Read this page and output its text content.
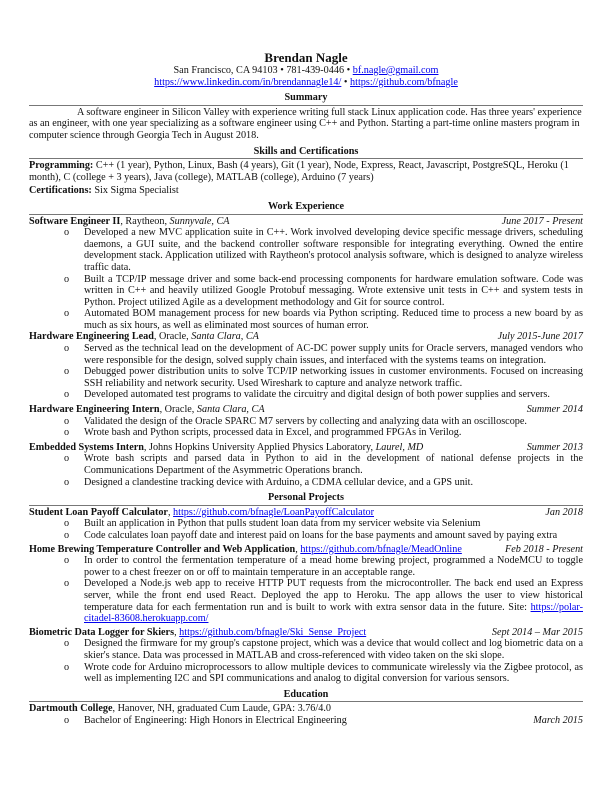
Brendan Nagle
San Francisco, CA 94103 • 781-439-0446 • bf.nagle@gmail.com
https://www.linkedin.com/in/brendannagle14/ • https://github.com/bfnagle
Summary
A software engineer in Silicon Valley with experience writing full stack Linux application code. Has three years' experience as an engineer, with one year specializing as a software engineer using C++ and Python. Starting a part-time online masters program in computer science through Georgia Tech in August 2018.
Skills and Certifications
Programming: C++ (1 year), Python, Linux, Bash (4 years), Git (1 year), Node, Express, React, Javascript, PostgreSQL, Heroku (1 month), C (college + 3 years), Java (college), MATLAB (college), Arduino (7 years)
Certifications: Six Sigma Specialist
Work Experience
Software Engineer II, Raytheon, Sunnyvale, CA	June 2017 - Present
o Developed a new MVC application suite in C++. Work involved developing device specific message drivers, scheduling daemons, a GUI suite, and the backend controller software responsible for integrating everything. Owned the entire development stack. Application utilized with Raytheon's protocol analysis software, which is designed to analyze wireless traffic data.
o Built a TCP/IP message driver and some back-end processing components for hardware emulation software. Code was written in C++ and heavily utilized Google Protobuf messaging. Wrote extensive unit tests in C++ and system tests in Python. Project utilized Agile as a development methodology and Git for source control.
o Automated BOM management process for new boards via Python scripting. Reduced time to process a new board by as much as six hours, as well as eliminated most sources of human error.
Hardware Engineering Lead, Oracle, Santa Clara, CA	July 2015-June 2017
o Served as the technical lead on the development of AC-DC power supply units for Oracle servers, managed vendors who were responsible for the design, solved supply chain issues, and interfaced with the systems teams on integration.
o Debugged power distribution units to solve TCP/IP networking issues in customer environments. Focused on increasing SSH reliability and network security. Used Wireshark to capture and analyze network traffic.
o Developed automated test programs to validate the circuitry and digital design of both power supplies and servers.
Hardware Engineering Intern, Oracle, Santa Clara, CA	Summer 2014
o Validated the design of the Oracle SPARC M7 servers by collecting and analyzing data with an oscilloscope.
o Wrote bash and Python scripts, processed data in Excel, and programmed FPGAs in Verilog.
Embedded Systems Intern, Johns Hopkins University Applied Physics Laboratory, Laurel, MD	Summer 2013
o Wrote bash scripts and parsed data in Python to aid in the development of national defense projects in the Communications Department of the Asymmetric Operations branch.
o Designed a clandestine tracking device with Arduino, a CDMA cellular device, and a GPS unit.
Personal Projects
Student Loan Payoff Calculator, https://github.com/bfnagle/LoanPayoffCalculator	Jan 2018
o Built an application in Python that pulls student loan data from my servicer website via Selenium
o Code calculates loan payoff date and interest paid on loans for the base payments and amount saved by paying extra
Home Brewing Temperature Controller and Web Application, https://github.com/bfnagle/MeadOnline	Feb 2018 - Present
o In order to control the fermentation temperature of a mead home brewing project, programmed a NodeMCU to toggle power to a chest freezer on or off to maintain temperature in an acceptable range.
o Developed a Node.js web app to receive HTTP PUT requests from the microcontroller. The back end used an Express server, while the front end used React. Deployed the app to Heroku. The app allows the user to view historical temperature data for each fermentation run and is built to work with extra sensor data in the future. Site: https://polar-citadel-83608.herokuapp.com/
Biometric Data Logger for Skiers, https://github.com/bfnagle/Ski_Sense_Project	Sept 2014 – Mar 2015
o Designed the firmware for my group's capstone project, which was a device that would collect and log biometric data on a skier's stance. Data was processed in MATLAB and cross-referenced with video taken on the ski slope.
o Wrote code for Arduino microprocessors to allow multiple devices to communicate wirelessly via the Zigbee protocol, as well as implementing I2C and SPI communications and analog to digital conversion for various sensors.
Education
Dartmouth College, Hanover, NH, graduated Cum Laude, GPA: 3.76/4.0
o Bachelor of Engineering: High Honors in Electrical Engineering	March 2015
